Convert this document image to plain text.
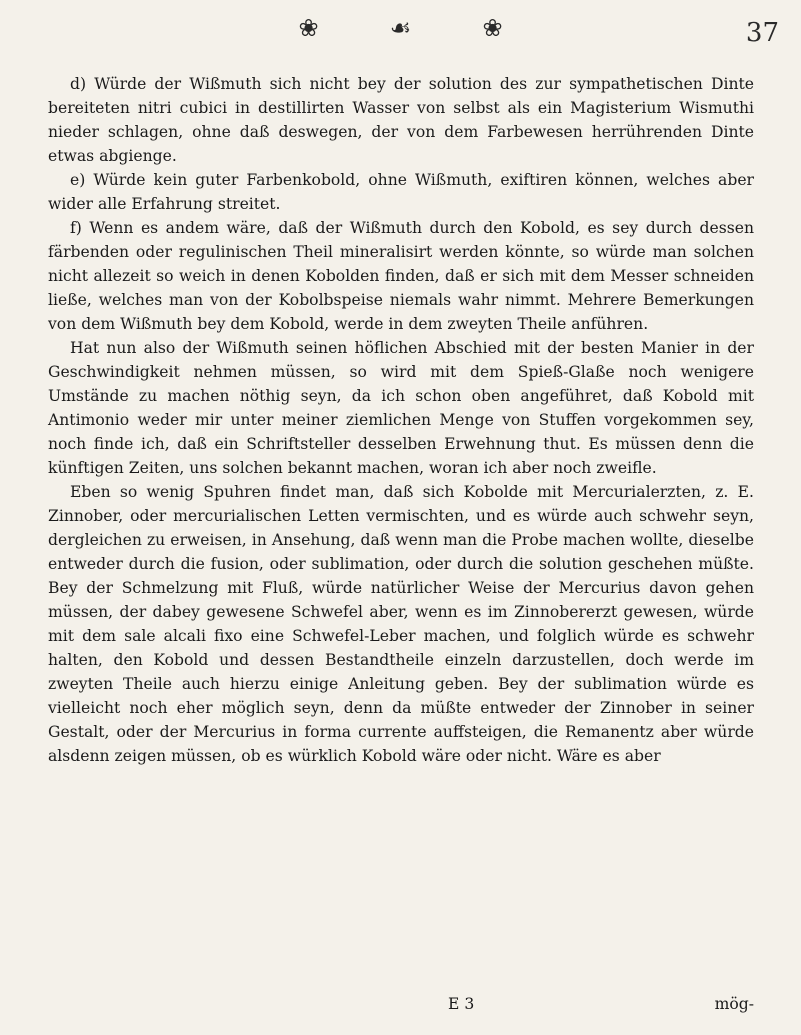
❀	☙	❀	37

d) Würde der Wißmuth sich nicht bey der solution des zur sympathetischen Dinte bereiteten nitri cubici in destillirten Wasser von selbst als ein Magisterium Wismuthi nieder schlagen, ohne daß deswegen, der von dem Farbewesen herrührenden Dinte etwas abgienge.

e) Würde kein guter Farbenkobold, ohne Wißmuth, exiftiren können, welches aber wider alle Erfahrung streitet.

f) Wenn es andem wäre, daß der Wißmuth durch den Kobold, es sey durch dessen färbenden oder regulinischen Theil mineralisirt werden könnte, so würde man solchen nicht allezeit so weich in denen Kobolden finden, daß er sich mit dem Messer schneiden ließe, welches man von der Kobolbspeise niemals wahr nimmt. Mehrere Bemerkungen von dem Wißmuth bey dem Kobold, werde in dem zweyten Theile anführen.

Hat nun also der Wißmuth seinen höflichen Abschied mit der besten Manier in der Geschwindigkeit nehmen müssen, so wird mit dem Spieß-Glaße noch wenigere Umstände zu machen nöthig seyn, da ich schon oben angeführet, daß Kobold mit Antimonio weder mir unter meiner ziemlichen Menge von Stuffen vorgekommen sey, noch finde ich, daß ein Schriftsteller desselben Erwehnung thut. Es müssen denn die künftigen Zeiten, uns solchen bekannt machen, woran ich aber noch zweifle.

Eben so wenig Spuhren findet man, daß sich Kobolde mit Mercurialerzten, z. E. Zinnober, oder mercurialischen Letten vermischten, und es würde auch schwehr seyn, dergleichen zu erweisen, in Ansehung, daß wenn man die Probe machen wollte, dieselbe entweder durch die fusion, oder sublimation, oder durch die solution geschehen müßte. Bey der Schmelzung mit Fluß, würde natürlicher Weise der Mercurius davon gehen müssen, der dabey gewesene Schwefel aber, wenn es im Zinnobererzt gewesen, würde mit dem sale alcali fixo eine Schwefel-Leber machen, und folglich würde es schwehr halten, den Kobold und dessen Bestandtheile einzeln darzustellen, doch werde im zweyten Theile auch hierzu einige Anleitung geben. Bey der sublimation würde es vielleicht noch eher möglich seyn, denn da müßte entweder der Zinnober in seiner Gestalt, oder der Mercurius in forma currente auffsteigen, die Remanentz aber würde alsdenn zeigen müssen, ob es würklich Kobold wäre oder nicht. Wäre es aber

E 3	mög-
